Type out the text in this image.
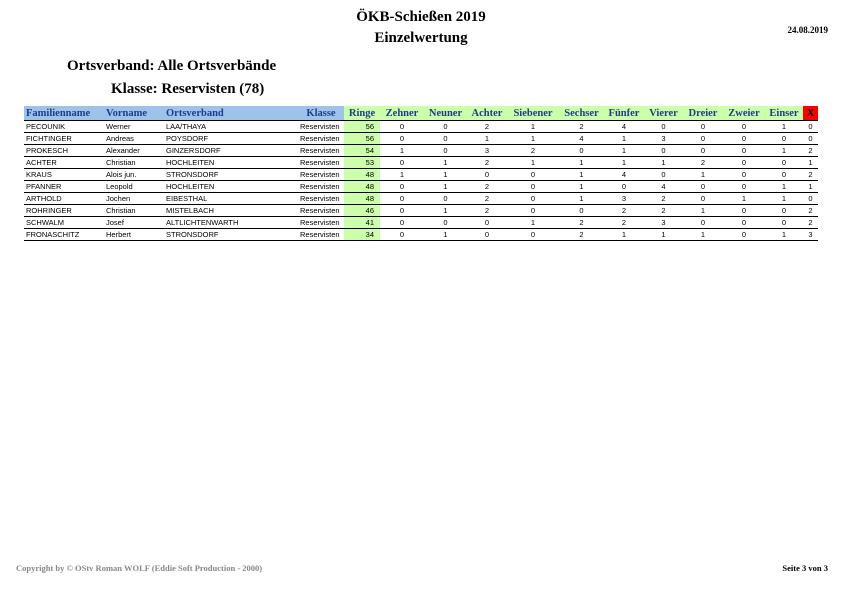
ÖKB-Schießen 2019
Einzelwertung	24.08.2019
Ortsverband: Alle Ortsverbände
Klasse: Reservisten (78)
Familienname	Vorname	Ortsverband	Klasse	Ringe	Zehner	Neuner	Achter	Siebener	Sechser	Fünfer	Vierer	Dreier	Zweier	Einser	X
PECOUNIK	Werner	LAA/THAYA	Reservisten	56	0	0	2	1	2	4	0	0	0	1	0
FICHTINGER	Andreas	POYSDORF	Reservisten	56	0	0	1	1	4	1	3	0	0	0	0
PROKESCH	Alexander	GINZERSDORF	Reservisten	54	1	0	3	2	0	1	0	0	0	1	2
ACHTER	Christian	HOCHLEITEN	Reservisten	53	0	1	2	1	1	1	1	2	0	0	1
KRAUS	Alois jun.	STRONSDORF	Reservisten	48	1	1	0	0	1	4	0	1	0	0	2
PFANNER	Leopold	HOCHLEITEN	Reservisten	48	0	1	2	0	1	0	4	0	0	1	1
ARTHOLD	Jochen	EIBESTHAL	Reservisten	48	0	0	2	0	1	3	2	0	1	1	0
ROHRINGER	Christian	MISTELBACH	Reservisten	46	0	1	2	0	0	2	2	1	0	0	2
SCHWALM	Josef	ALTLICHTENWARTH	Reservisten	41	0	0	0	1	2	2	3	0	0	0	2
FRONASCHITZ	Herbert	STRONSDORF	Reservisten	34	0	1	0	0	2	1	1	1	0	1	3
Copyright by © OStv Roman WOLF (Eddie Soft Production - 2000)	Seite 3 von 3
